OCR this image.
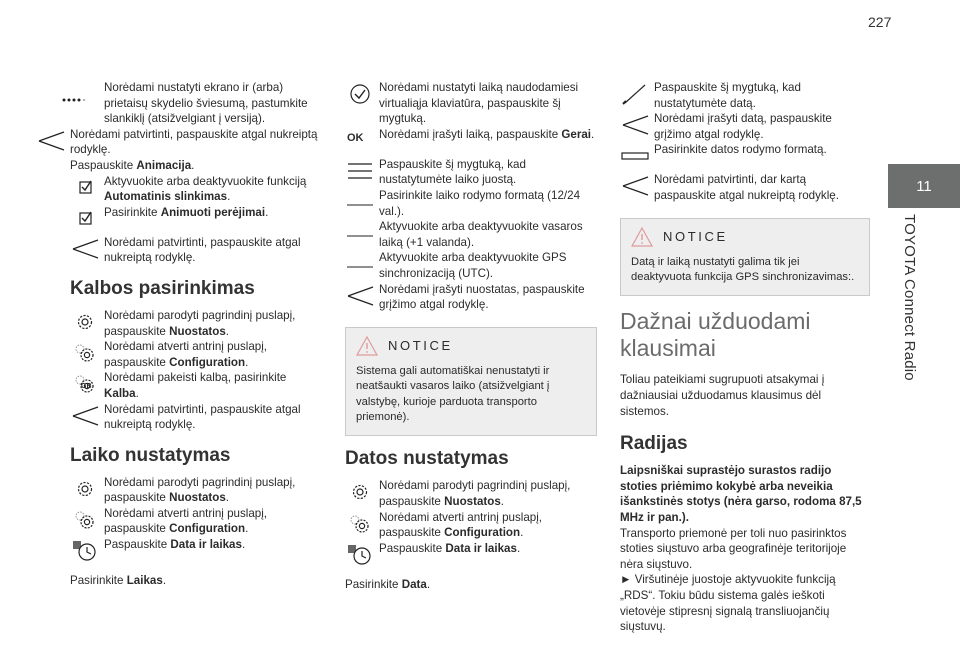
227
11
TOYOTA Connect Radio
Norėdami nustatyti ekrano ir (arba) prietaisų skydelio šviesumą, pastumkite slankiklį (atsižvelgiant į versiją).
Norėdami patvirtinti, paspauskite atgal nukreiptą rodyklę.
Paspauskite Animacija.
Aktyvuokite arba deaktyvuokite funkciją Automatinis slinkimas.
Pasirinkite Animuoti perėjimai.
Norėdami patvirtinti, paspauskite atgal nukreiptą rodyklę.
Kalbos pasirinkimas
Norėdami parodyti pagrindinį puslapį, paspauskite Nuostatos.
Norėdami atverti antrinį puslapį, paspauskite Configuration.
GB
Norėdami pakeisti kalbą, pasirinkite Kalba.
Norėdami patvirtinti, paspauskite atgal nukreiptą rodyklę.
Laiko nustatymas
Norėdami parodyti pagrindinį puslapį, paspauskite Nuostatos.
Norėdami atverti antrinį puslapį, paspauskite Configuration.
Paspauskite Data ir laikas.
Pasirinkite Laikas.
Norėdami nustatyti laiką naudodamiesi virtualiąja klaviatūra, paspauskite šį mygtuką.
OK	Norėdami įrašyti laiką, paspauskite Gerai.
Paspauskite šį mygtuką, kad nustatytumėte laiko juostą.
Pasirinkite laiko rodymo formatą (12/24 val.).
Aktyvuokite arba deaktyvuokite vasaros laiką (+1 valanda).
Aktyvuokite arba deaktyvuokite GPS sinchronizaciją (UTC).
Norėdami įrašyti nuostatas, paspauskite grįžimo atgal rodyklę.
NOTICE
Sistema gali automatiškai nenustatyti ir neatšaukti vasaros laiko (atsižvelgiant į valstybę, kurioje parduota transporto priemonė).
Datos nustatymas
Norėdami parodyti pagrindinį puslapį, paspauskite Nuostatos.
Norėdami atverti antrinį puslapį, paspauskite Configuration.
Paspauskite Data ir laikas.
Pasirinkite Data.
Paspauskite šį mygtuką, kad nustatytumėte datą.
Norėdami įrašyti datą, paspauskite grįžimo atgal rodyklę.
Pasirinkite datos rodymo formatą.
Norėdami patvirtinti, dar kartą paspauskite atgal nukreiptą rodyklę.
NOTICE
Datą ir laiką nustatyti galima tik jei deaktyvuota funkcija GPS sinchronizavimas:.
Dažnai užduodami klausimai
Toliau pateikiami sugrupuoti atsakymai į dažniausiai užduodamus klausimus dėl sistemos.
Radijas
Laipsniškai suprastėjo surastos radijo stoties priėmimo kokybė arba neveikia išankstinės stotys (nėra garso, rodoma 87,5 MHz ir pan.).
Transporto priemonė per toli nuo pasirinktos stoties siųstuvo arba geografinėje teritorijoje nėra siųstuvo.
► Viršutinėje juostoje aktyvuokite funkciją „RDS“. Tokiu būdu sistema galės ieškoti vietovėje stipresnį signalą transliuojančių siųstuvų.
